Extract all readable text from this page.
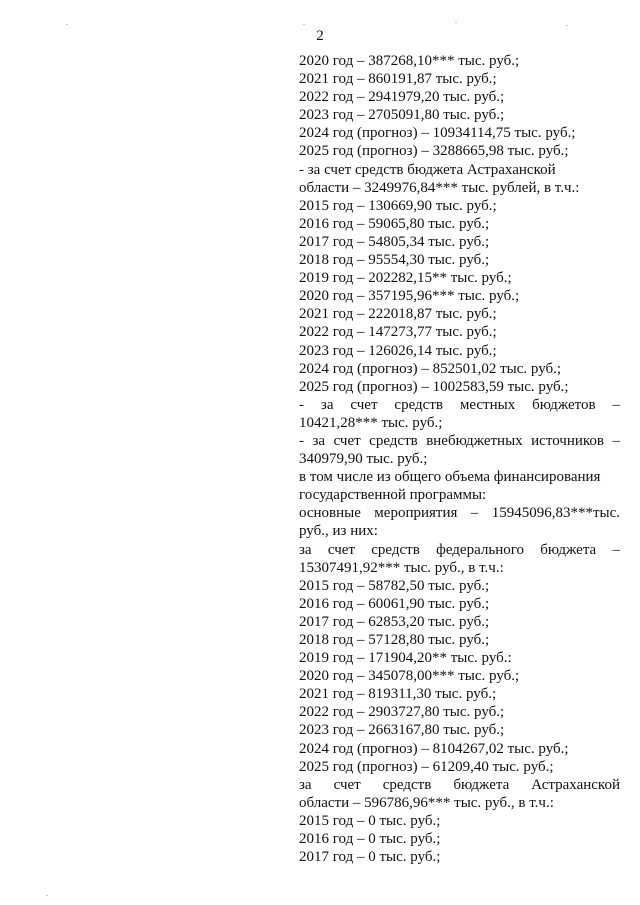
2
2020 год – 387268,10*** тыс. руб.;
2021 год – 860191,87 тыс. руб.;
2022 год – 2941979,20 тыс. руб.;
2023 год – 2705091,80 тыс. руб.;
2024 год (прогноз) – 10934114,75 тыс. руб.;
2025 год (прогноз) – 3288665,98 тыс. руб.;
- за счет средств бюджета Астраханской
области – 3249976,84*** тыс. рублей, в т.ч.:
2015 год – 130669,90 тыс. руб.;
2016 год – 59065,80 тыс. руб.;
2017 год – 54805,34 тыс. руб.;
2018 год – 95554,30 тыс. руб.;
2019 год – 202282,15** тыс. руб.;
2020 год – 357195,96*** тыс. руб.;
2021 год – 222018,87 тыс. руб.;
2022 год – 147273,77 тыс. руб.;
2023 год – 126026,14 тыс. руб.;
2024 год (прогноз) – 852501,02 тыс. руб.;
2025 год (прогноз) – 1002583,59 тыс. руб.;
- за счет средств местных бюджетов –
10421,28*** тыс. руб.;
- за счет средств внебюджетных источников –
340979,90 тыс. руб.;
в том числе из общего объема финансирования
государственной программы:
основные мероприятия – 15945096,83***тыс.
руб., из них:
за счет средств федерального бюджета –
15307491,92*** тыс. руб., в т.ч.:
2015 год – 58782,50 тыс. руб.;
2016 год – 60061,90 тыс. руб.;
2017 год – 62853,20 тыс. руб.;
2018 год – 57128,80 тыс. руб.;
2019 год – 171904,20** тыс. руб.:
2020 год – 345078,00*** тыс. руб.;
2021 год – 819311,30 тыс. руб.;
2022 год – 2903727,80 тыс. руб.;
2023 год – 2663167,80 тыс. руб.;
2024 год (прогноз) – 8104267,02 тыс. руб.;
2025 год (прогноз) – 61209,40 тыс. руб.;
за счет средств бюджета Астраханской
области – 596786,96*** тыс. руб., в т.ч.:
2015 год – 0 тыс. руб.;
2016 год – 0 тыс. руб.;
2017 год – 0 тыс. руб.;
